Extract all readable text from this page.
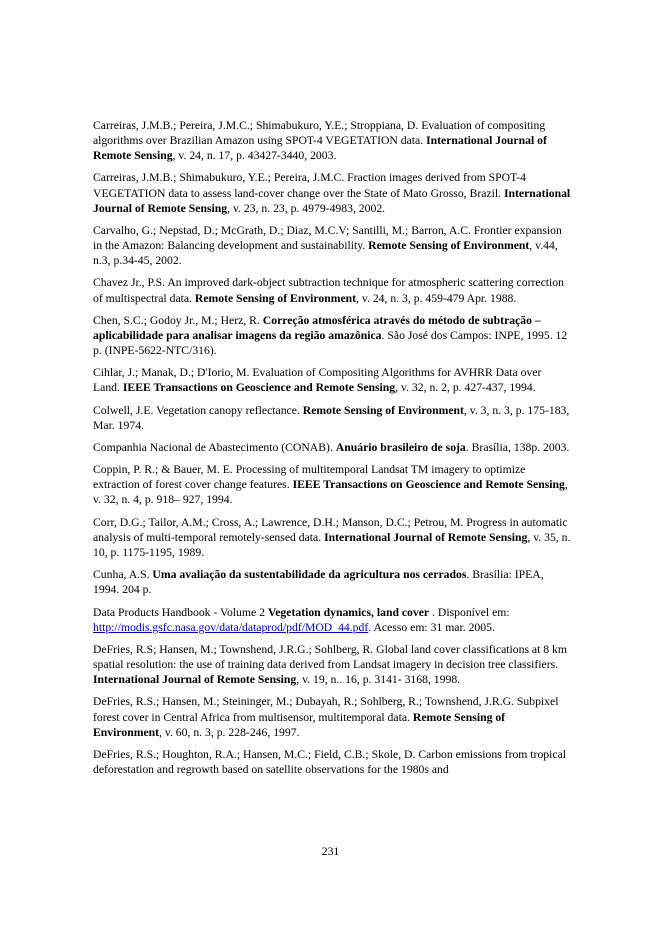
Carreiras, J.M.B.; Pereira, J.M.C.; Shimabukuro, Y.E.; Stroppiana, D. Evaluation of compositing algorithms over Brazilian Amazon using SPOT-4 VEGETATION data. International Journal of Remote Sensing, v. 24, n. 17, p. 43427-3440, 2003.

Carreiras, J.M.B.; Shimabukuro, Y.E.; Pereira, J.M.C. Fraction images derived from SPOT-4 VEGETATION data to assess land-cover change over the State of Mato Grosso, Brazil. International Journal of Remote Sensing, v. 23, n. 23, p. 4979-4983, 2002.

Carvalho, G.; Nepstad, D.; McGrath, D.; Diaz, M.C.V; Santilli, M.; Barron, A.C. Frontier expansion in the Amazon: Balancing development and sustainability. Remote Sensing of Environment, v.44, n.3, p.34-45, 2002.

Chavez Jr., P.S. An improved dark-object subtraction technique for atmospheric scattering correction of multispectral data. Remote Sensing of Environment, v. 24, n. 3, p. 459-479 Apr. 1988.

Chen, S.C.; Godoy Jr., M.; Herz, R. Correção atmosférica através do método de subtração – aplicabilidade para analisar imagens da região amazônica. São José dos Campos: INPE, 1995. 12 p. (INPE-5622-NTC/316).

Cihlar, J.; Manak, D.; D'Iorio, M. Evaluation of Compositing Algorithms for AVHRR Data over Land. IEEE Transactions on Geoscience and Remote Sensing, v. 32, n. 2, p. 427-437, 1994.

Colwell, J.E. Vegetation canopy reflectance. Remote Sensing of Environment, v. 3, n. 3, p. 175-183, Mar. 1974.

Companhia Nacional de Abastecimento (CONAB). Anuário brasileiro de soja. Brasília, 138p. 2003.

Coppin, P. R.; & Bauer, M. E. Processing of multitemporal Landsat TM imagery to optimize extraction of forest cover change features. IEEE Transactions on Geoscience and Remote Sensing, v. 32, n. 4, p. 918– 927, 1994.

Corr, D.G.; Tailor, A.M.; Cross, A.; Lawrence, D.H.; Manson, D.C.; Petrou, M. Progress in automatic analysis of multi-temporal remotely-sensed data. International Journal of Remote Sensing, v. 35, n. 10, p. 1175-1195, 1989.

Cunha, A.S. Uma avaliação da sustentabilidade da agricultura nos cerrados. Brasília: IPEA, 1994. 204 p.

Data Products Handbook - Volume 2 Vegetation dynamics, land cover . Disponível em: http://modis.gsfc.nasa.gov/data/dataprod/pdf/MOD_44.pdf. Acesso em: 31 mar. 2005.

DeFries, R.S; Hansen, M.; Townshend, J.R.G.; Sohlberg, R. Global land cover classifications at 8 km spatial resolution: the use of training data derived from Landsat imagery in decision tree classifiers. International Journal of Remote Sensing, v. 19, n.. 16, p. 3141- 3168, 1998.

DeFries, R.S.; Hansen, M.; Steininger, M.; Dubayah, R.; Sohlberg, R.; Townshend, J.R.G. Subpixel forest cover in Central Africa from multisensor, multitemporal data. Remote Sensing of Environment, v. 60, n. 3, p. 228-246, 1997.

DeFries, R.S.; Houghton, R.A.; Hansen, M.C.; Field, C.B.; Skole, D. Carbon emissions from tropical deforestation and regrowth based on satellite observations for the 1980s and

231
